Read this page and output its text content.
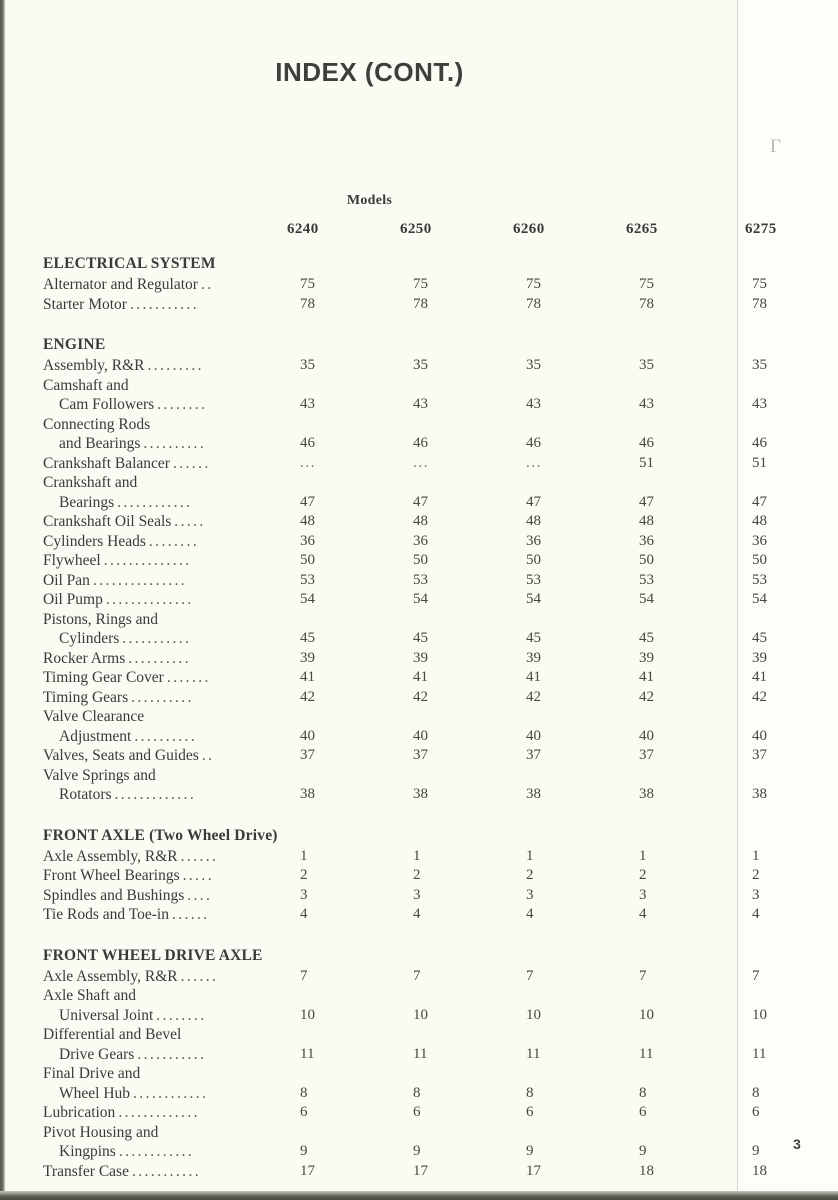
Γ
INDEX (CONT.)
Models
6240	6250	6260	6265	6275
ELECTRICAL SYSTEM
Alternator and Regulator ..	75	75	75	75	75
Starter Motor ...........	78	78	78	78	78
ENGINE
Assembly, R&R .........	35	35	35	35	35
Camshaft and
Cam Followers ........	43	43	43	43	43
Connecting Rods
and Bearings ..........	46	46	46	46	46
Crankshaft Balancer ......	...	...	...	51	51
Crankshaft and
Bearings ............	47	47	47	47	47
Crankshaft Oil Seals .....	48	48	48	48	48
Cylinders Heads ........	36	36	36	36	36
Flywheel ..............	50	50	50	50	50
Oil Pan ...............	53	53	53	53	53
Oil Pump ..............	54	54	54	54	54
Pistons, Rings and
Cylinders ...........	45	45	45	45	45
Rocker Arms ..........	39	39	39	39	39
Timing Gear Cover .......	41	41	41	41	41
Timing Gears ..........	42	42	42	42	42
Valve Clearance
Adjustment ..........	40	40	40	40	40
Valves, Seats and Guides ..	37	37	37	37	37
Valve Springs and
Rotators .............	38	38	38	38	38
FRONT AXLE (Two Wheel Drive)
Axle Assembly, R&R ......	1	1	1	1	1
Front Wheel Bearings .....	2	2	2	2	2
Spindles and Bushings ....	3	3	3	3	3
Tie Rods and Toe-in ......	4	4	4	4	4
FRONT WHEEL DRIVE AXLE
Axle Assembly, R&R ......	7	7	7	7	7
Axle Shaft and
Universal Joint ........	10	10	10	10	10
Differential and Bevel
Drive Gears ...........	11	11	11	11	11
Final Drive and
Wheel Hub ............	8	8	8	8	8
Lubrication .............	6	6	6	6	6
Pivot Housing and
Kingpins ............	9	9	9	9	9
Transfer Case ...........	17	17	17	18	18
3
